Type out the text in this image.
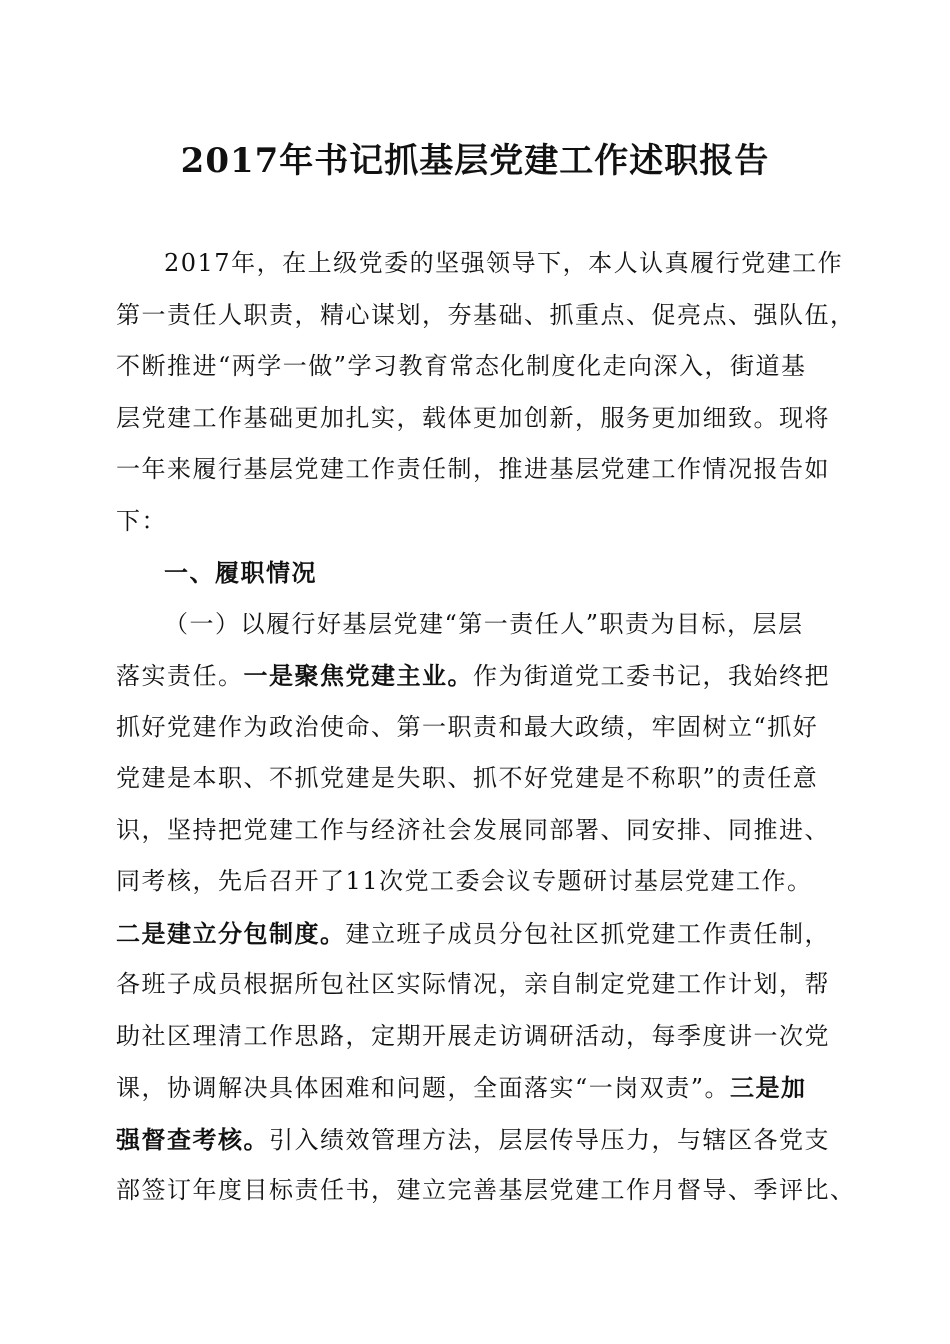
2017年书记抓基层党建工作述职报告
2017年，在上级党委的坚强领导下，本人认真履行党建工作
第一责任人职责，精心谋划，夯基础、抓重点、促亮点、强队伍，
不断推进“两学一做”学习教育常态化制度化走向深入，街道基
层党建工作基础更加扎实，载体更加创新，服务更加细致。现将
一年来履行基层党建工作责任制，推进基层党建工作情况报告如
下：
一、履职情况
（一）以履行好基层党建“第一责任人”职责为目标，层层
落实责任。一是聚焦党建主业。作为街道党工委书记，我始终把
抓好党建作为政治使命、第一职责和最大政绩，牢固树立“抓好
党建是本职、不抓党建是失职、抓不好党建是不称职”的责任意
识，坚持把党建工作与经济社会发展同部署、同安排、同推进、
同考核，先后召开了11次党工委会议专题研讨基层党建工作。
二是建立分包制度。建立班子成员分包社区抓党建工作责任制，
各班子成员根据所包社区实际情况，亲自制定党建工作计划，帮
助社区理清工作思路，定期开展走访调研活动，每季度讲一次党
课，协调解决具体困难和问题，全面落实“一岗双责”。三是加
强督查考核。引入绩效管理方法，层层传导压力，与辖区各党支
部签订年度目标责任书，建立完善基层党建工作月督导、季评比、
